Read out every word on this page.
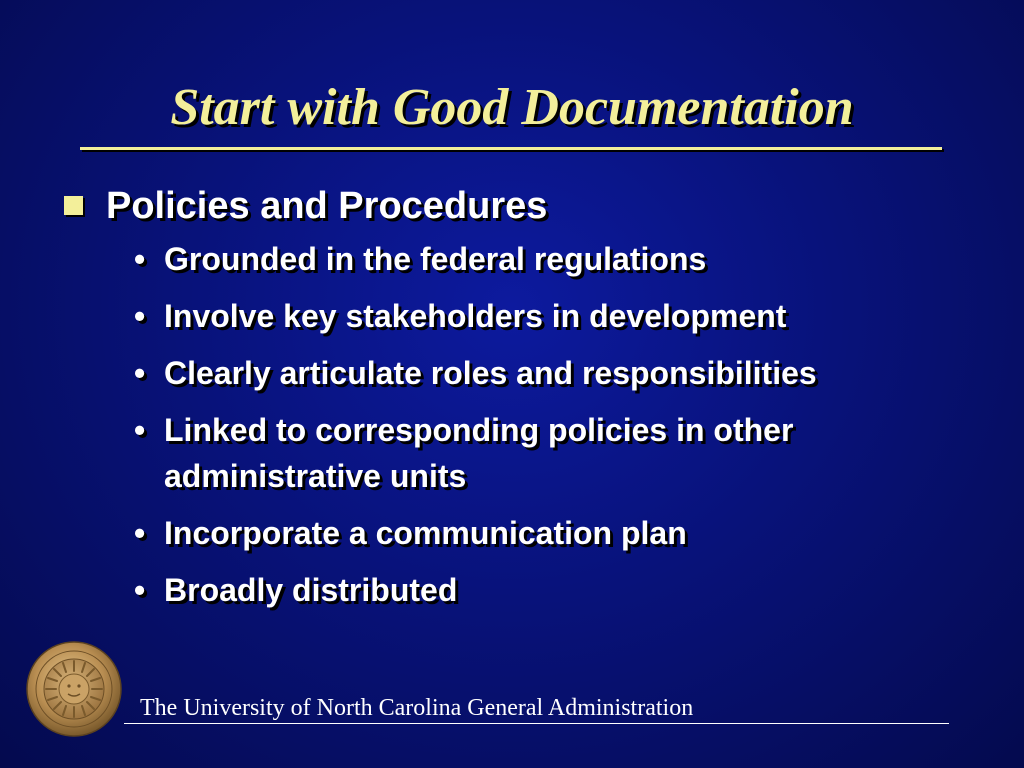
Start with Good Documentation
Policies and Procedures
• Grounded in the federal regulations
• Involve key stakeholders in development
• Clearly articulate roles and responsibilities
• Linked to corresponding policies in other administrative units
• Incorporate a communication plan
• Broadly distributed
The University of North Carolina General Administration
